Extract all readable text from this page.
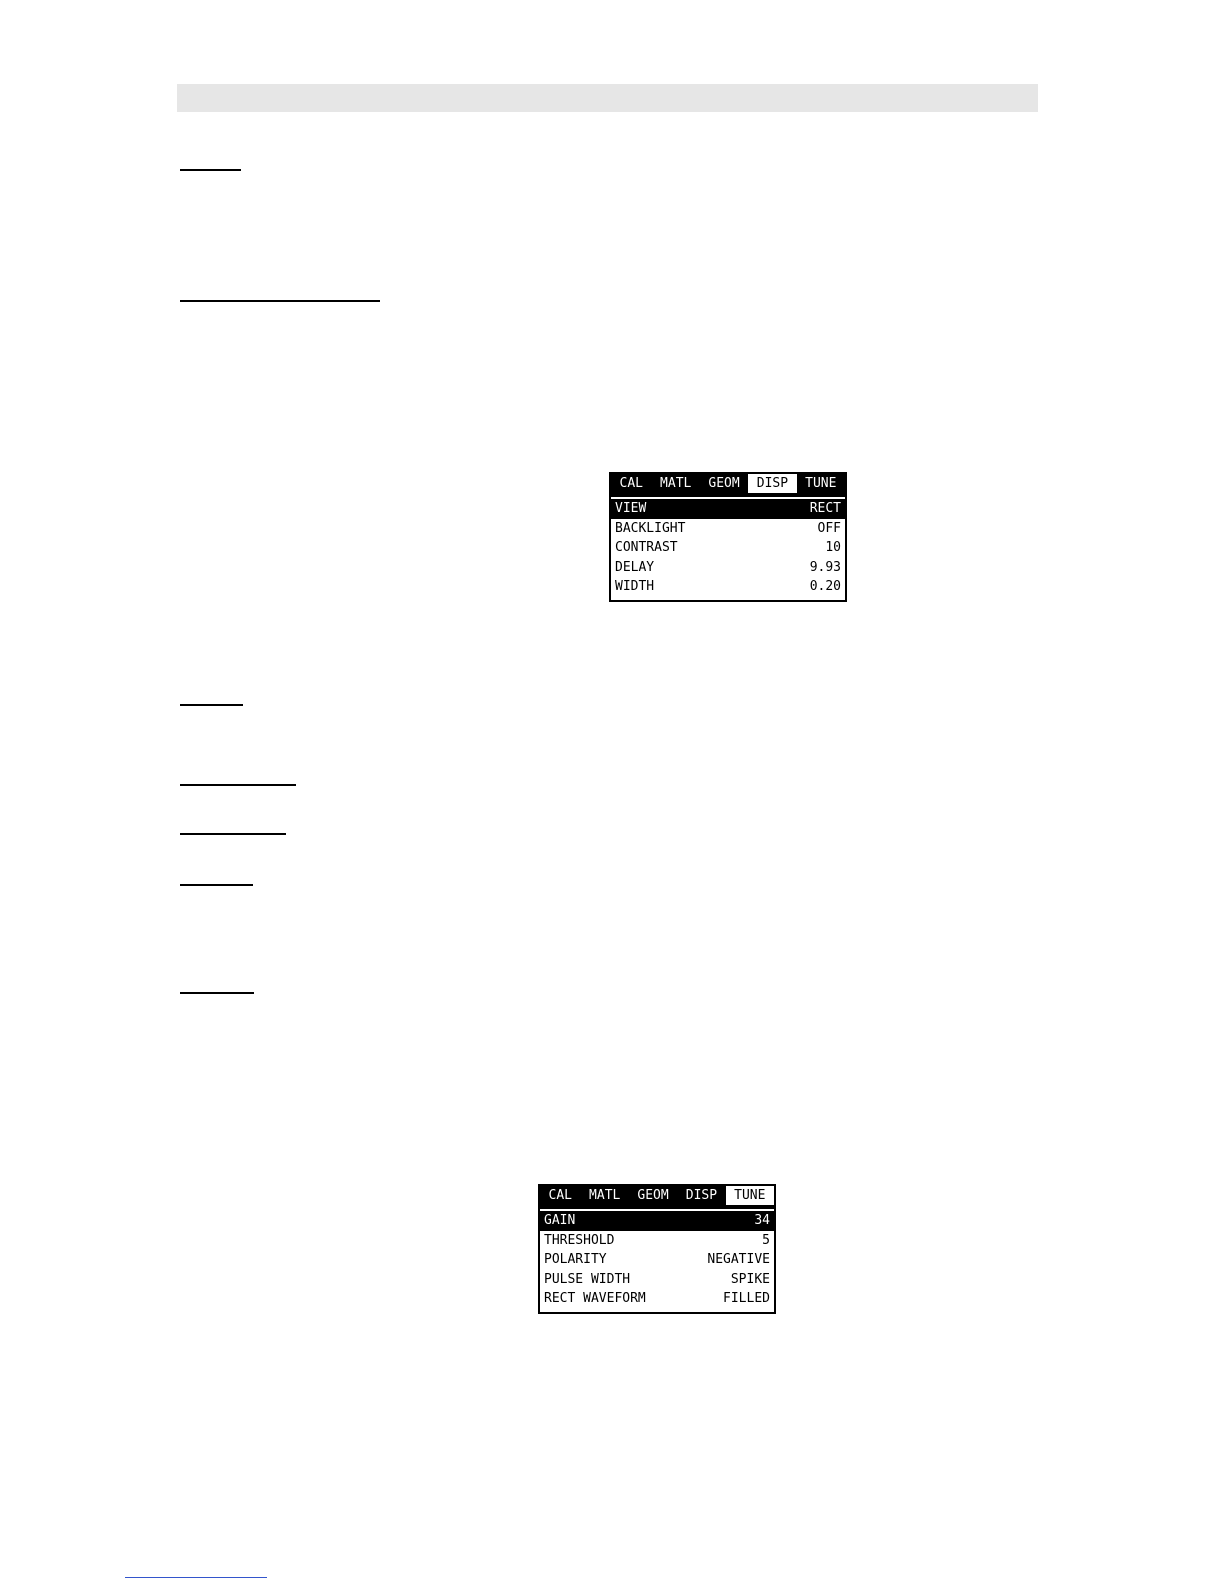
CAL	MATL	GEOM	DISP	TUNE
VIEW	RECT
BACKLIGHT	OFF
CONTRAST	10
DELAY	9.93
WIDTH	0.20
CAL	MATL	GEOM	DISP	TUNE
GAIN	34
THRESHOLD	5
POLARITY	NEGATIVE
PULSE WIDTH	SPIKE
RECT WAVEFORM	FILLED
